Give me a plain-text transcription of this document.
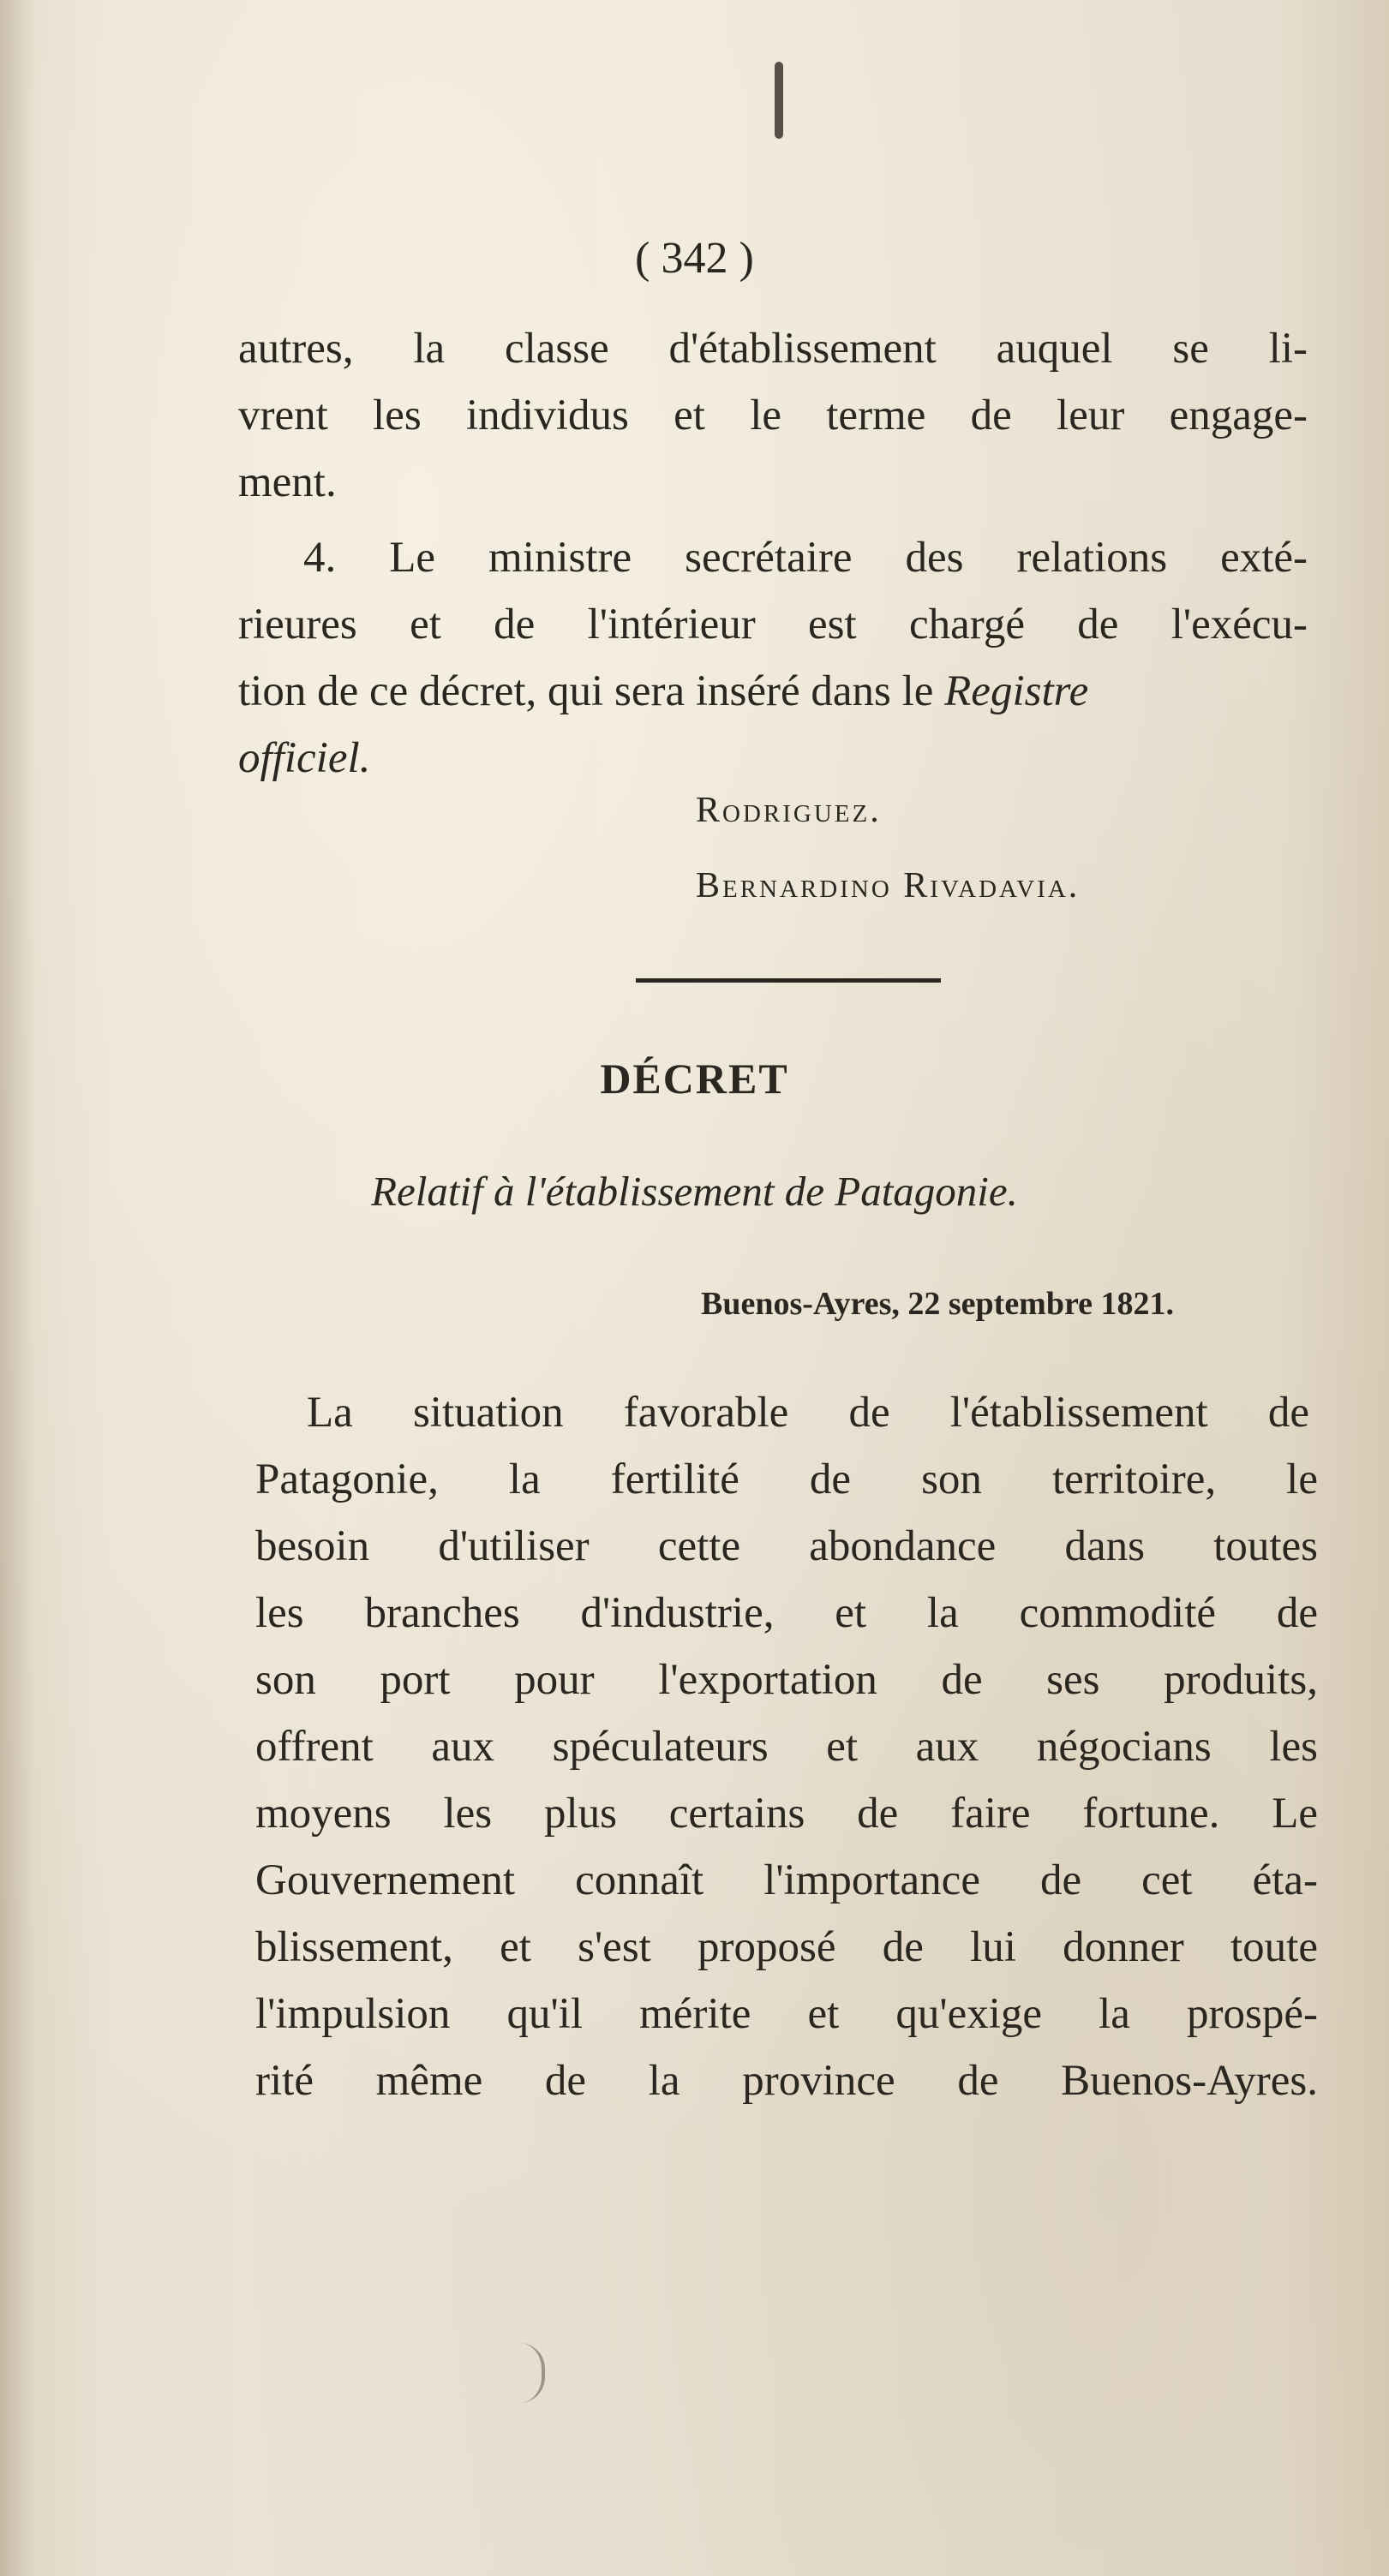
( 342 )
autres, la classe d'établissement auquel se li-
vrent les individus et le terme de leur engage-
ment.
4. Le ministre secrétaire des relations exté-
rieures et de l'intérieur est chargé de l'exécu-
tion de ce décret, qui sera inséré dans le Registre
officiel.
Rodriguez.
Bernardino Rivadavia.
DÉCRET
Relatif à l'établissement de Patagonie.
Buenos-Ayres, 22 septembre 1821.
La situation favorable de l'établissement de
Patagonie, la fertilité de son territoire, le
besoin d'utiliser cette abondance dans toutes
les branches d'industrie, et la commodité de
son port pour l'exportation de ses produits,
offrent aux spéculateurs et aux négocians les
moyens les plus certains de faire fortune. Le
Gouvernement connaît l'importance de cet éta-
blissement, et s'est proposé de lui donner toute
l'impulsion qu'il mérite et qu'exige la prospé-
rité même de la province de Buenos-Ayres.
